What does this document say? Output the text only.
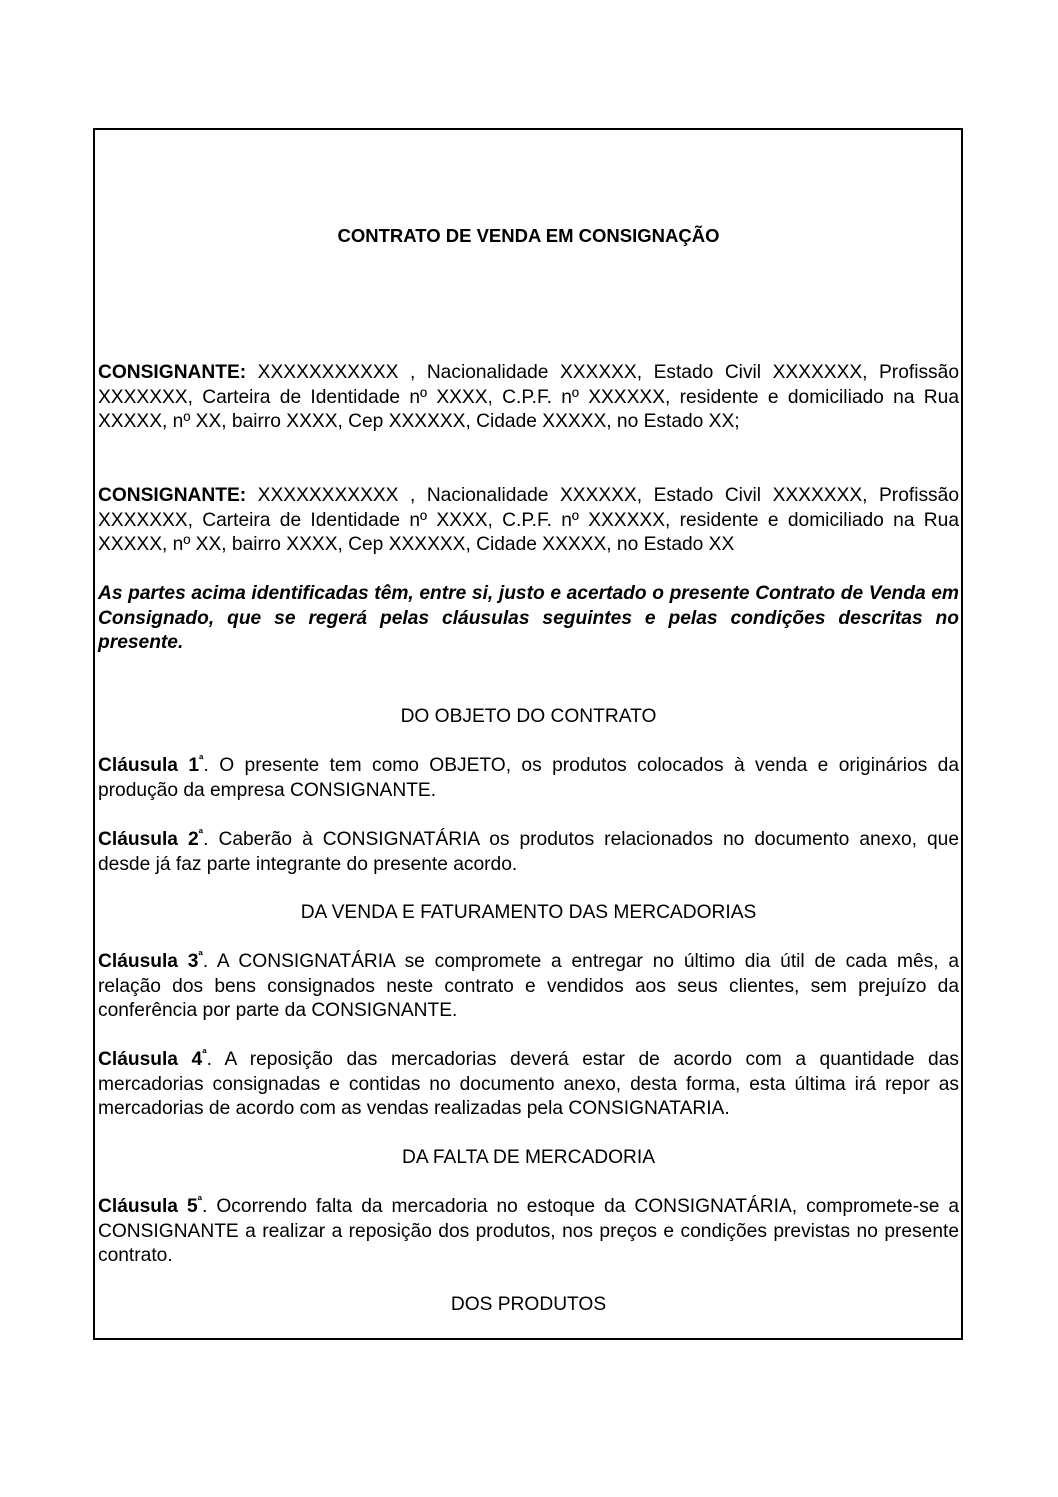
CONTRATO DE VENDA EM CONSIGNAÇÃO

CONSIGNANTE: XXXXXXXXXXX , Nacionalidade XXXXXX, Estado Civil XXXXXXX, Profissão XXXXXXX, Carteira de Identidade nº XXXX, C.P.F. nº XXXXXX, residente e domiciliado na Rua XXXXX, nº XX, bairro XXXX, Cep XXXXXX, Cidade XXXXX, no Estado XX;

CONSIGNANTE: XXXXXXXXXXX , Nacionalidade XXXXXX, Estado Civil XXXXXXX, Profissão XXXXXXX, Carteira de Identidade nº XXXX, C.P.F. nº XXXXXX, residente e domiciliado na Rua XXXXX, nº XX, bairro XXXX, Cep XXXXXX, Cidade XXXXX, no Estado XX

As partes acima identificadas têm, entre si, justo e acertado o presente Contrato de Venda em Consignado, que se regerá pelas cláusulas seguintes e pelas condições descritas no presente.

DO OBJETO DO CONTRATO

Cláusula $1^ª$. O presente tem como OBJETO, os produtos colocados à venda e originários da produção da empresa CONSIGNANTE.

Cláusula $2^ª$. Caberão à CONSIGNATÁRIA os produtos relacionados no documento anexo, que desde já faz parte integrante do presente acordo.

DA VENDA E FATURAMENTO DAS MERCADORIAS

Cláusula $3^ª$. A CONSIGNATÁRIA se compromete a entregar no último dia útil de cada mês, a relação dos bens consignados neste contrato e vendidos aos seus clientes, sem prejuízo da conferência por parte da CONSIGNANTE.

Cláusula $4^ª$. A reposição das mercadorias deverá estar de acordo com a quantidade das mercadorias consignadas e contidas no documento anexo, desta forma, esta última irá repor as mercadorias de acordo com as vendas realizadas pela CONSIGNATARIA.

DA FALTA DE MERCADORIA

Cláusula $5^ª$. Ocorrendo falta da mercadoria no estoque da CONSIGNATÁRIA, compromete-se a CONSIGNANTE a realizar a reposição dos produtos, nos preços e condições previstas no presente contrato.

DOS PRODUTOS
